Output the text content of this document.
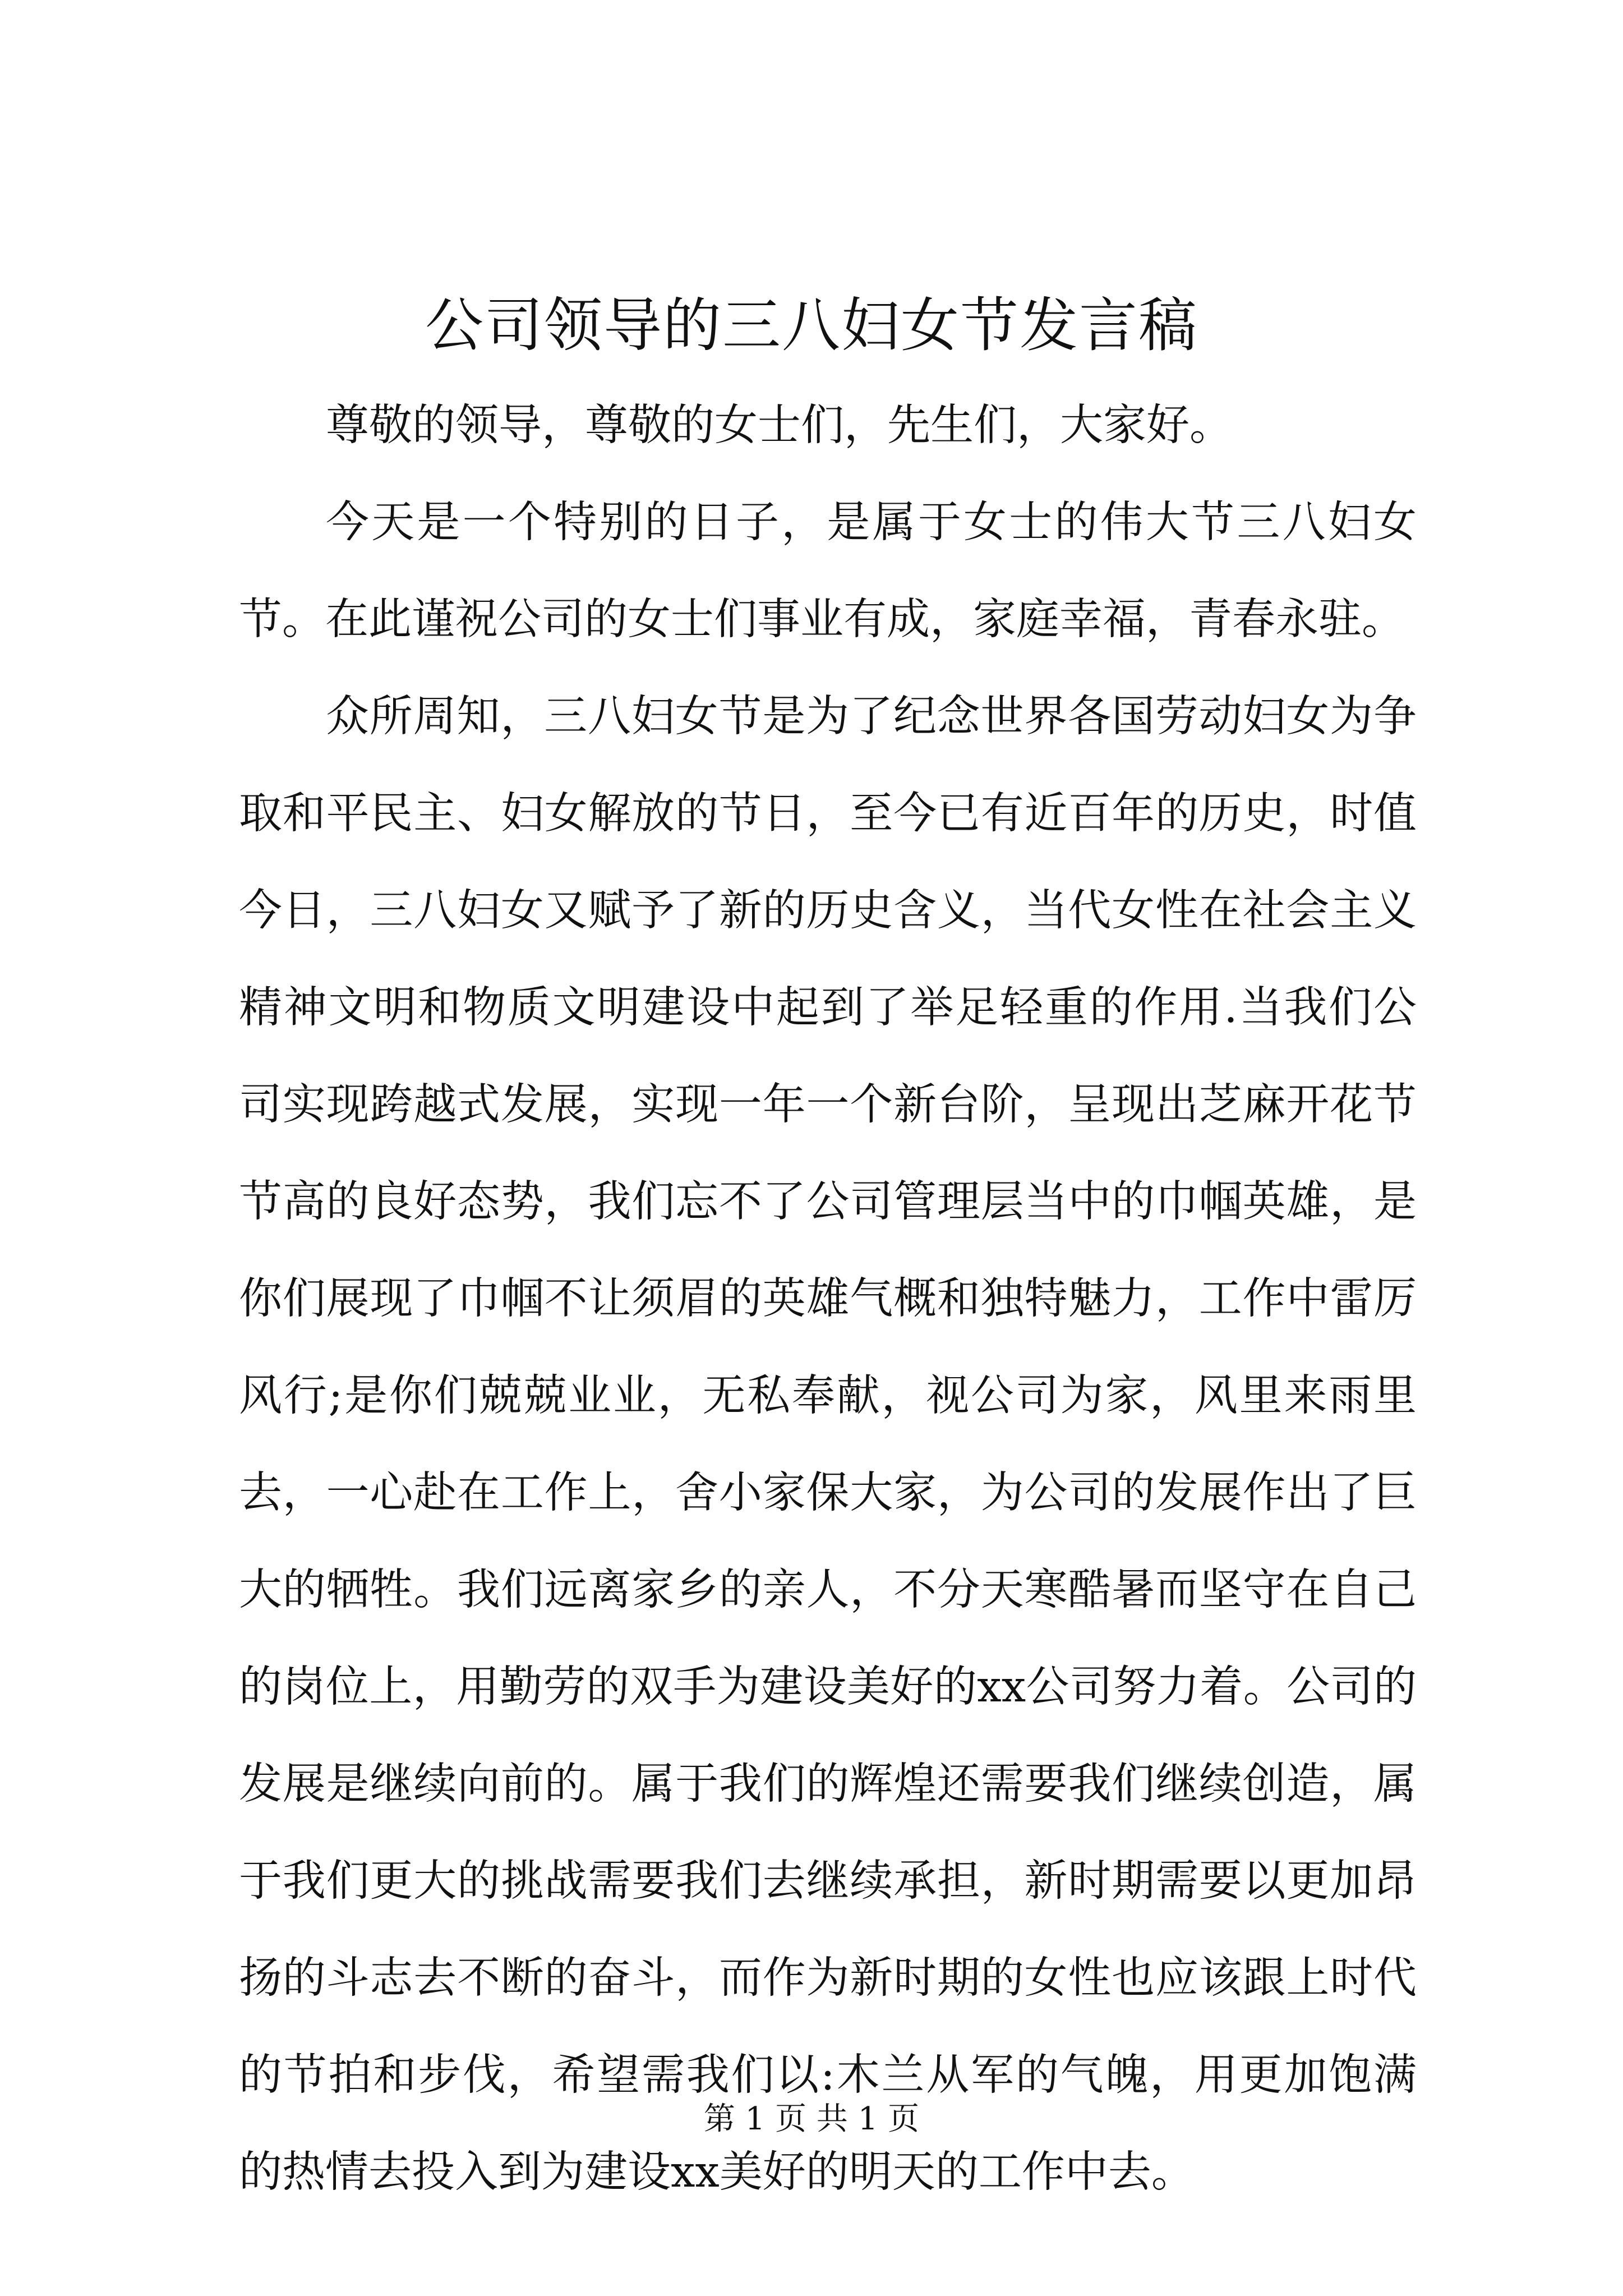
公司领导的三八妇女节发言稿

尊敬的领导，尊敬的女士们，先生们，大家好。

今天是一个特别的日子，是属于女士的伟大节三八妇女节。在此谨祝公司的女士们事业有成，家庭幸福，青春永驻。

众所周知，三八妇女节是为了纪念世界各国劳动妇女为争取和平民主、妇女解放的节日，至今已有近百年的历史，时值今日，三八妇女又赋予了新的历史含义，当代女性在社会主义精神文明和物质文明建设中起到了举足轻重的作用.当我们公司实现跨越式发展，实现一年一个新台阶，呈现出芝麻开花节节高的良好态势，我们忘不了公司管理层当中的巾帼英雄，是你们展现了巾帼不让须眉的英雄气概和独特魅力，工作中雷厉风行;是你们兢兢业业，无私奉献，视公司为家，风里来雨里去，一心赴在工作上，舍小家保大家，为公司的发展作出了巨大的牺牲。我们远离家乡的亲人，不分天寒酷暑而坚守在自己的岗位上，用勤劳的双手为建设美好的xx公司努力着。公司的发展是继续向前的。属于我们的辉煌还需要我们继续创造，属于我们更大的挑战需要我们去继续承担，新时期需要以更加昂扬的斗志去不断的奋斗，而作为新时期的女性也应该跟上时代的节拍和步伐，希望需我们以:木兰从军的气魄，用更加饱满的热情去投入到为建设xx美好的明天的工作中去。

第 1 页 共 1 页
